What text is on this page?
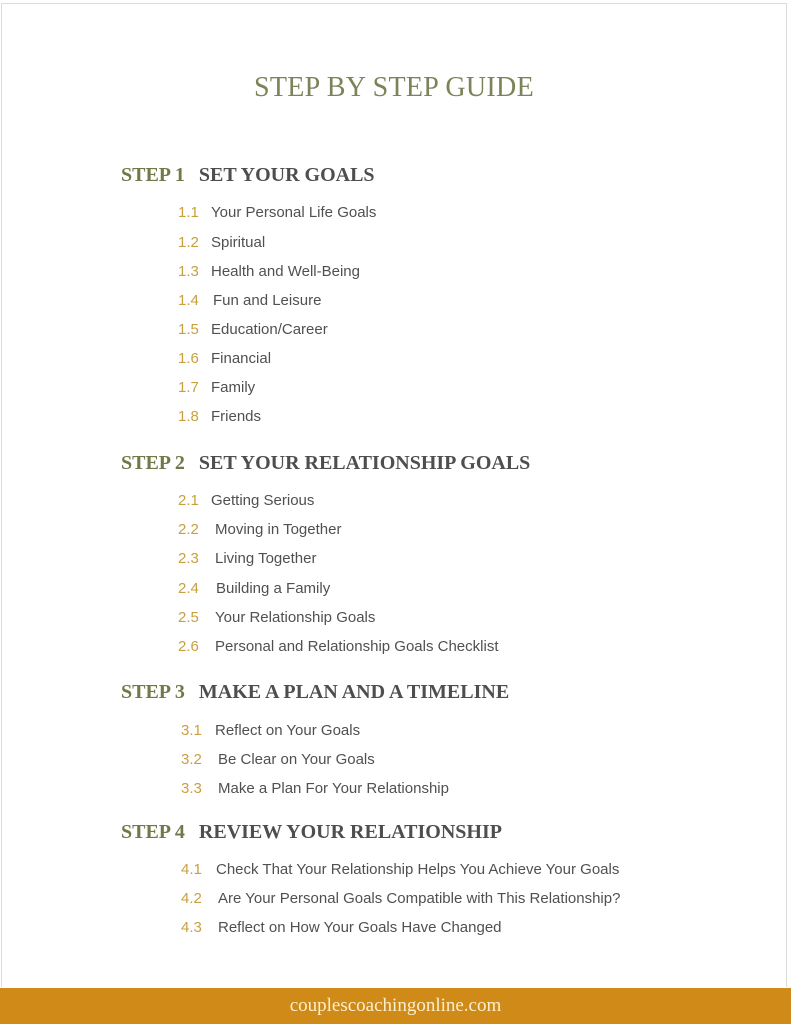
STEP BY STEP GUIDE
STEP 1 SET YOUR GOALS
1.1 Your Personal Life Goals
1.2 Spiritual
1.3 Health and Well-Being
1.4 Fun and Leisure
1.5 Education/Career
1.6 Financial
1.7 Family
1.8 Friends
STEP 2 SET YOUR RELATIONSHIP GOALS
2.1 Getting Serious
2.2 Moving in Together
2.3 Living Together
2.4 Building a Family
2.5 Your Relationship Goals
2.6 Personal and Relationship Goals Checklist
STEP 3 MAKE A PLAN AND A TIMELINE
3.1 Reflect on Your Goals
3.2 Be Clear on Your Goals
3.3 Make a Plan For Your Relationship
STEP 4 REVIEW YOUR RELATIONSHIP
4.1 Check That Your Relationship Helps You Achieve Your Goals
4.2 Are Your Personal Goals Compatible with This Relationship?
4.3 Reflect on How Your Goals Have Changed
couplescoachingonline.com
